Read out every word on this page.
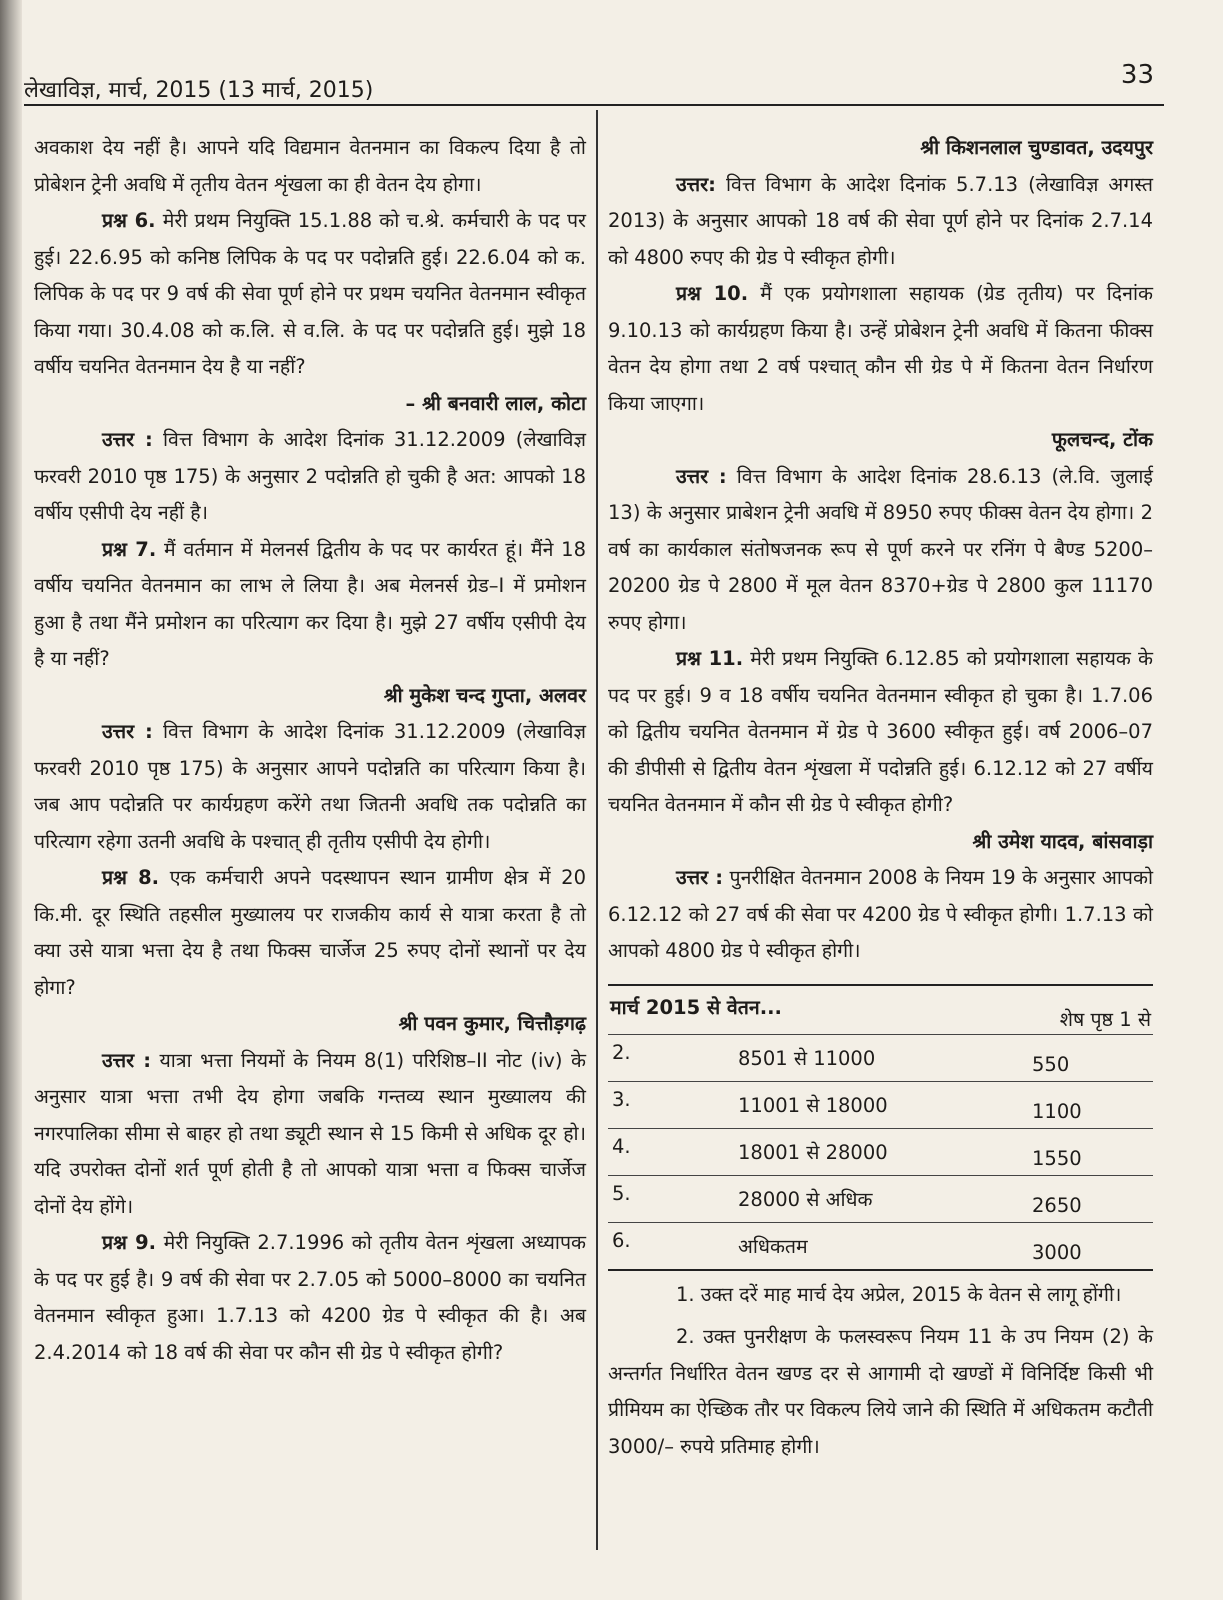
लेखाविज्ञ, मार्च, 2015 (13 मार्च, 2015)
33

अवकाश देय नहीं है। आपने यदि विद्यमान वेतनमान का विकल्प दिया है तो प्रोबेशन ट्रेनी अवधि में तृतीय वेतन शृंखला का ही वेतन देय होगा।

प्रश्न 6. मेरी प्रथम नियुक्ति 15.1.88 को च.श्रे. कर्मचारी के पद पर हुई। 22.6.95 को कनिष्ठ लिपिक के पद पर पदोन्नति हुई। 22.6.04 को क. लिपिक के पद पर 9 वर्ष की सेवा पूर्ण होने पर प्रथम चयनित वेतनमान स्वीकृत किया गया। 30.4.08 को क.लि. से व.लि. के पद पर पदोन्नति हुई। मुझे 18 वर्षीय चयनित वेतनमान देय है या नहीं?

– श्री बनवारी लाल, कोटा

उत्तर : वित्त विभाग के आदेश दिनांक 31.12.2009 (लेखाविज्ञ फरवरी 2010 पृष्ठ 175) के अनुसार 2 पदोन्नति हो चुकी है अत: आपको 18 वर्षीय एसीपी देय नहीं है।

प्रश्न 7. मैं वर्तमान में मेलनर्स द्वितीय के पद पर कार्यरत हूं। मैंने 18 वर्षीय चयनित वेतनमान का लाभ ले लिया है। अब मेलनर्स ग्रेड–I में प्रमोशन हुआ है तथा मैंने प्रमोशन का परित्याग कर दिया है। मुझे 27 वर्षीय एसीपी देय है या नहीं?

श्री मुकेश चन्द गुप्ता, अलवर

उत्तर : वित्त विभाग के आदेश दिनांक 31.12.2009 (लेखाविज्ञ फरवरी 2010 पृष्ठ 175) के अनुसार आपने पदोन्नति का परित्याग किया है। जब आप पदोन्नति पर कार्यग्रहण करेंगे तथा जितनी अवधि तक पदोन्नति का परित्याग रहेगा उतनी अवधि के पश्चात् ही तृतीय एसीपी देय होगी।

प्रश्न 8. एक कर्मचारी अपने पदस्थापन स्थान ग्रामीण क्षेत्र में 20 कि.मी. दूर स्थिति तहसील मुख्यालय पर राजकीय कार्य से यात्रा करता है तो क्या उसे यात्रा भत्ता देय है तथा फिक्स चार्जेज 25 रुपए दोनों स्थानों पर देय होगा?

श्री पवन कुमार, चित्तौड़गढ़

उत्तर : यात्रा भत्ता नियमों के नियम 8(1) परिशिष्ठ–II नोट (iv) के अनुसार यात्रा भत्ता तभी देय होगा जबकि गन्तव्य स्थान मुख्यालय की नगरपालिका सीमा से बाहर हो तथा ड्यूटी स्थान से 15 किमी से अधिक दूर हो। यदि उपरोक्त दोनों शर्त पूर्ण होती है तो आपको यात्रा भत्ता व फिक्स चार्जेज दोनों देय होंगे।

प्रश्न 9. मेरी नियुक्ति 2.7.1996 को तृतीय वेतन शृंखला अध्यापक के पद पर हुई है। 9 वर्ष की सेवा पर 2.7.05 को 5000–8000 का चयनित वेतनमान स्वीकृत हुआ। 1.7.13 को 4200 ग्रेड पे स्वीकृत की है। अब 2.4.2014 को 18 वर्ष की सेवा पर कौन सी ग्रेड पे स्वीकृत होगी?

श्री किशनलाल चुण्डावत, उदयपुर

उत्तर: वित्त विभाग के आदेश दिनांक 5.7.13 (लेखाविज्ञ अगस्त 2013) के अनुसार आपको 18 वर्ष की सेवा पूर्ण होने पर दिनांक 2.7.14 को 4800 रुपए की ग्रेड पे स्वीकृत होगी।

प्रश्न 10. मैं एक प्रयोगशाला सहायक (ग्रेड तृतीय) पर दिनांक 9.10.13 को कार्यग्रहण किया है। उन्हें प्रोबेशन ट्रेनी अवधि में कितना फीक्स वेतन देय होगा तथा 2 वर्ष पश्चात् कौन सी ग्रेड पे में कितना वेतन निर्धारण किया जाएगा।

फूलचन्द, टोंक

उत्तर : वित्त विभाग के आदेश दिनांक 28.6.13 (ले.वि. जुलाई 13) के अनुसार प्राबेशन ट्रेनी अवधि में 8950 रुपए फीक्स वेतन देय होगा। 2 वर्ष का कार्यकाल संतोषजनक रूप से पूर्ण करने पर रनिंग पे बैण्ड 5200–20200 ग्रेड पे 2800 में मूल वेतन 8370+ग्रेड पे 2800 कुल 11170 रुपए होगा।

प्रश्न 11. मेरी प्रथम नियुक्ति 6.12.85 को प्रयोगशाला सहायक के पद पर हुई। 9 व 18 वर्षीय चयनित वेतनमान स्वीकृत हो चुका है। 1.7.06 को द्वितीय चयनित वेतनमान में ग्रेड पे 3600 स्वीकृत हुई। वर्ष 2006–07 की डीपीसी से द्वितीय वेतन शृंखला में पदोन्नति हुई। 6.12.12 को 27 वर्षीय चयनित वेतनमान में कौन सी ग्रेड पे स्वीकृत होगी?

श्री उमेश यादव, बांसवाड़ा

उत्तर : पुनरीक्षित वेतनमान 2008 के नियम 19 के अनुसार आपको 6.12.12 को 27 वर्ष की सेवा पर 4200 ग्रेड पे स्वीकृत होगी। 1.7.13 को आपको 4800 ग्रेड पे स्वीकृत होगी।

मार्च 2015 से वेतन...
शेष पृष्ठ 1 से
2.	8501 से 11000	550
3.	11001 से 18000	1100
4.	18001 से 28000	1550
5.	28000 से अधिक	2650
6.	अधिकतम	3000

1. उक्त दरें माह मार्च देय अप्रेल, 2015 के वेतन से लागू होंगी।

2. उक्त पुनरीक्षण के फलस्वरूप नियम 11 के उप नियम (2) के अन्तर्गत निर्धारित वेतन खण्ड दर से आगामी दो खण्डों में विनिर्दिष्ट किसी भी प्रीमियम का ऐच्छिक तौर पर विकल्प लिये जाने की स्थिति में अधिकतम कटौती 3000/– रुपये प्रतिमाह होगी।
